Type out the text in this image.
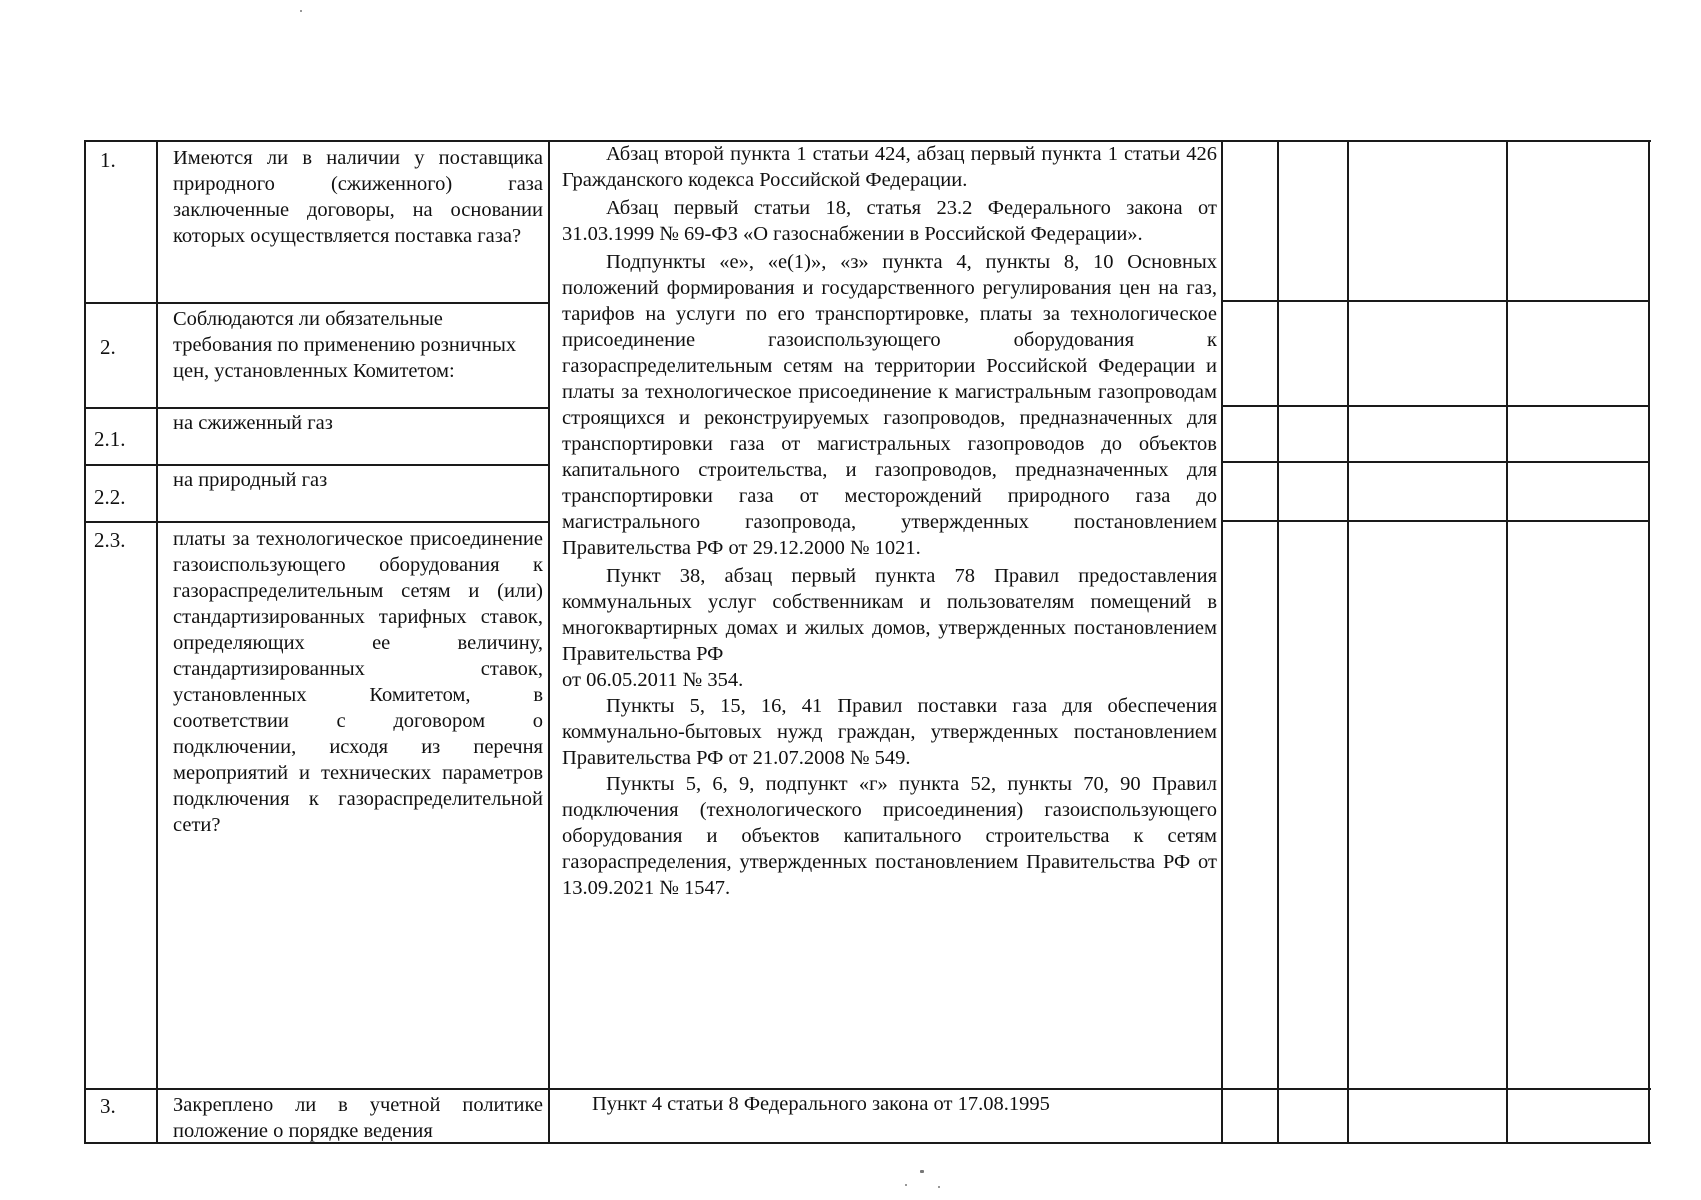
1.
2.
2.1.
2.2.
2.3.
3.

Имеются ли в наличии у поставщика природного (сжиженного) газа заключенные договоры, на основании которых осуществляется поставка газа?

Соблюдаются ли обязательные требования по применению розничных цен, установленных Комитетом:

на сжиженный газ

на природный газ

платы за технологическое присоединение газоиспользующего оборудования к газораспределительным сетям и (или) стандартизированных тарифных ставок, определяющих ее величину, стандартизированных ставок, установленных Комитетом, в соответствии с договором о подключении, исходя из перечня мероприятий и технических параметров подключения к газораспределительной сети?

Закреплено ли в учетной политике положение о порядке ведения

Абзац второй пункта 1 статьи 424, абзац первый пункта 1 статьи 426 Гражданского кодекса Российской Федерации.

Абзац первый статьи 18, статья 23.2 Федерального закона от 31.03.1999 № 69-ФЗ «О газоснабжении в Российской Федерации».

Подпункты «е», «е(1)», «з» пункта 4, пункты 8, 10 Основных положений формирования и государственного регулирования цен на газ, тарифов на услуги по его транспортировке, платы за технологическое присоединение газоиспользующего оборудования к газораспределительным сетям на территории Российской Федерации и платы за технологическое присоединение к магистральным газопроводам строящихся и реконструируемых газопроводов, предназначенных для транспортировки газа от магистральных газопроводов до объектов капитального строительства, и газопроводов, предназначенных для транспортировки газа от месторождений природного газа до магистрального газопровода, утвержденных постановлением Правительства РФ от 29.12.2000 № 1021.

Пункт 38, абзац первый пункта 78 Правил предоставления коммунальных услуг собственникам и пользователям помещений в многоквартирных домах и жилых домов, утвержденных постановлением Правительства РФ

от 06.05.2011 № 354.

Пункты 5, 15, 16, 41 Правил поставки газа для обеспечения коммунально-бытовых нужд граждан, утвержденных постановлением Правительства РФ от 21.07.2008 № 549.

Пункты 5, 6, 9, подпункт «г» пункта 52, пункты 70, 90 Правил подключения (технологического присоединения) газоиспользующего оборудования и объектов капитального строительства к сетям газораспределения, утвержденных постановлением Правительства РФ от 13.09.2021 № 1547.

Пункт 4 статьи 8 Федерального закона от 17.08.1995
